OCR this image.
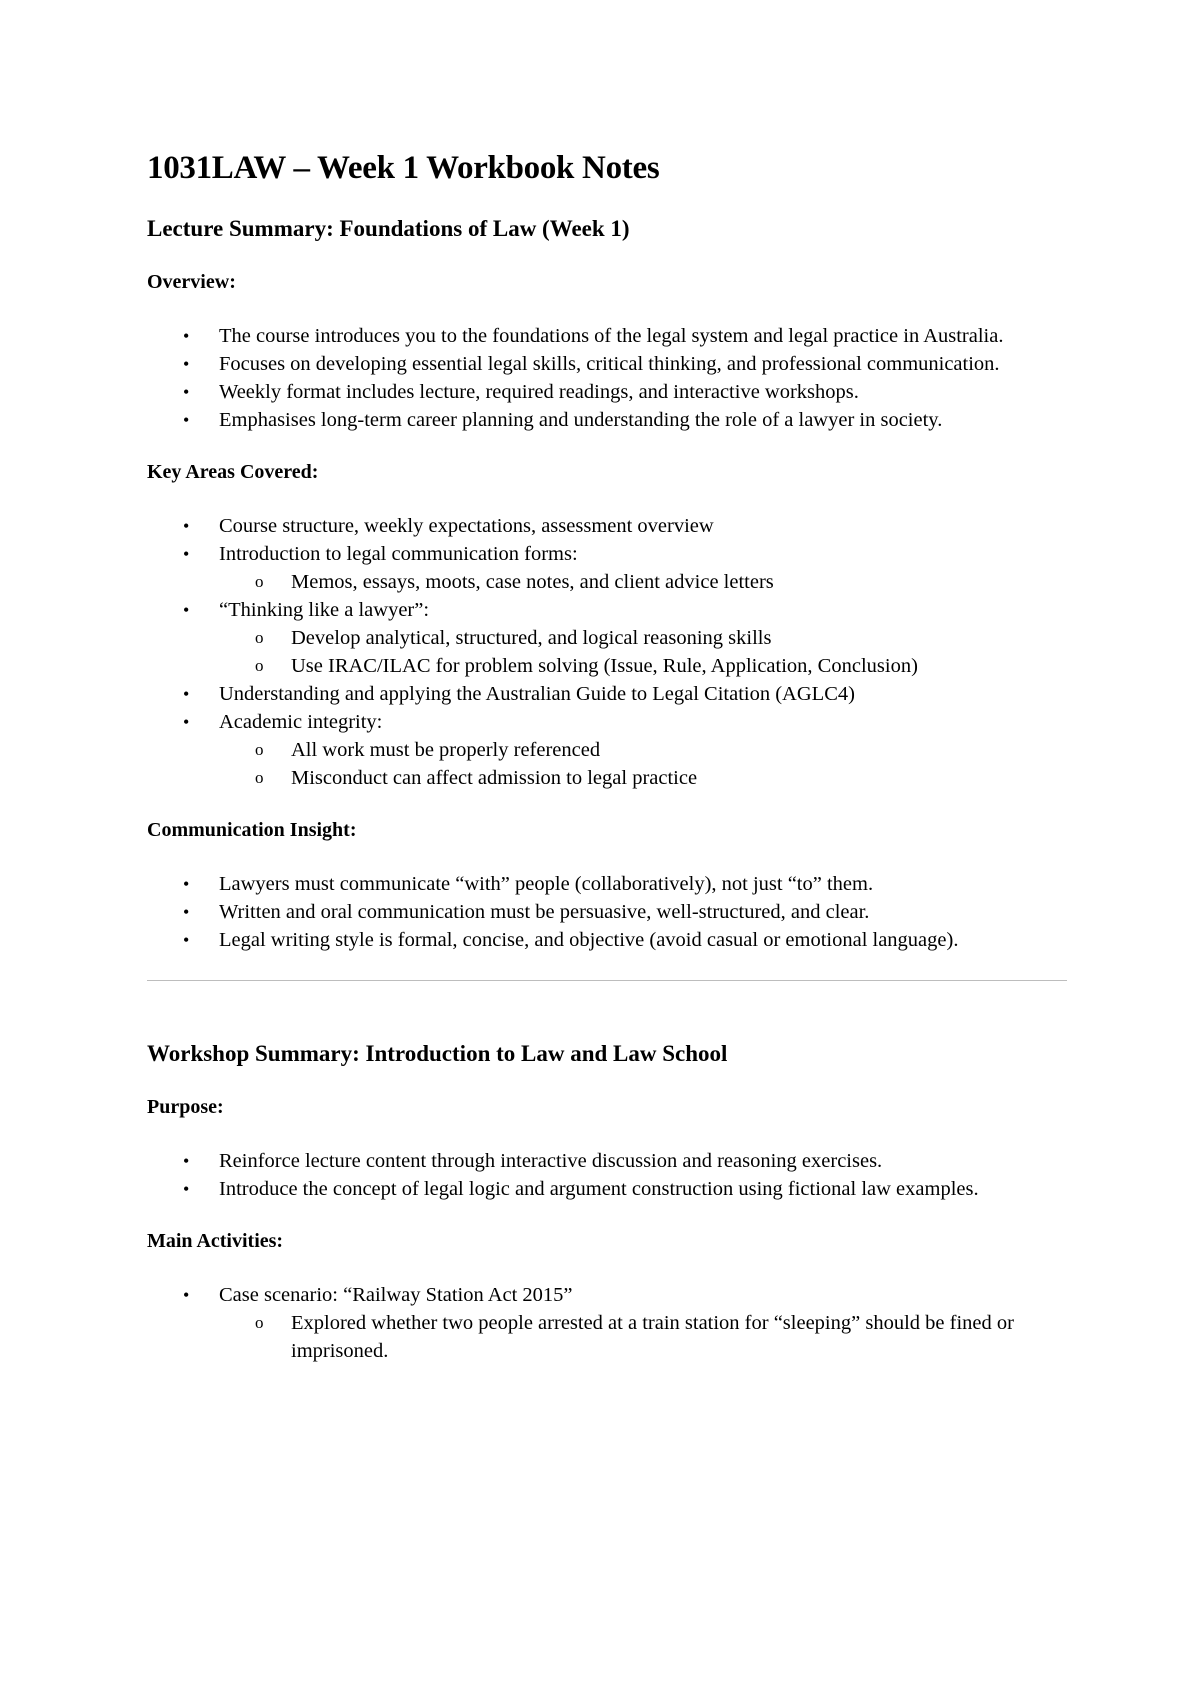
1031LAW – Week 1 Workbook Notes
Lecture Summary: Foundations of Law (Week 1)
Overview:
• The course introduces you to the foundations of the legal system and legal practice in Australia.
• Focuses on developing essential legal skills, critical thinking, and professional communication.
• Weekly format includes lecture, required readings, and interactive workshops.
• Emphasises long-term career planning and understanding the role of a lawyer in society.
Key Areas Covered:
• Course structure, weekly expectations, assessment overview
• Introduction to legal communication forms:
o	Memos, essays, moots, case notes, and client advice letters
• “Thinking like a lawyer”:
o	Develop analytical, structured, and logical reasoning skills
o	Use IRAC/ILAC for problem solving (Issue, Rule, Application, Conclusion)
• Understanding and applying the Australian Guide to Legal Citation (AGLC4)
• Academic integrity:
o	All work must be properly referenced
o	Misconduct can affect admission to legal practice
Communication Insight:
• Lawyers must communicate “with” people (collaboratively), not just “to” them.
• Written and oral communication must be persuasive, well-structured, and clear.
• Legal writing style is formal, concise, and objective (avoid casual or emotional language).
Workshop Summary: Introduction to Law and Law School
Purpose:
• Reinforce lecture content through interactive discussion and reasoning exercises.
• Introduce the concept of legal logic and argument construction using fictional law examples.
Main Activities:
• Case scenario: “Railway Station Act 2015”
o	Explored whether two people arrested at a train station for “sleeping” should be fined or imprisoned.
